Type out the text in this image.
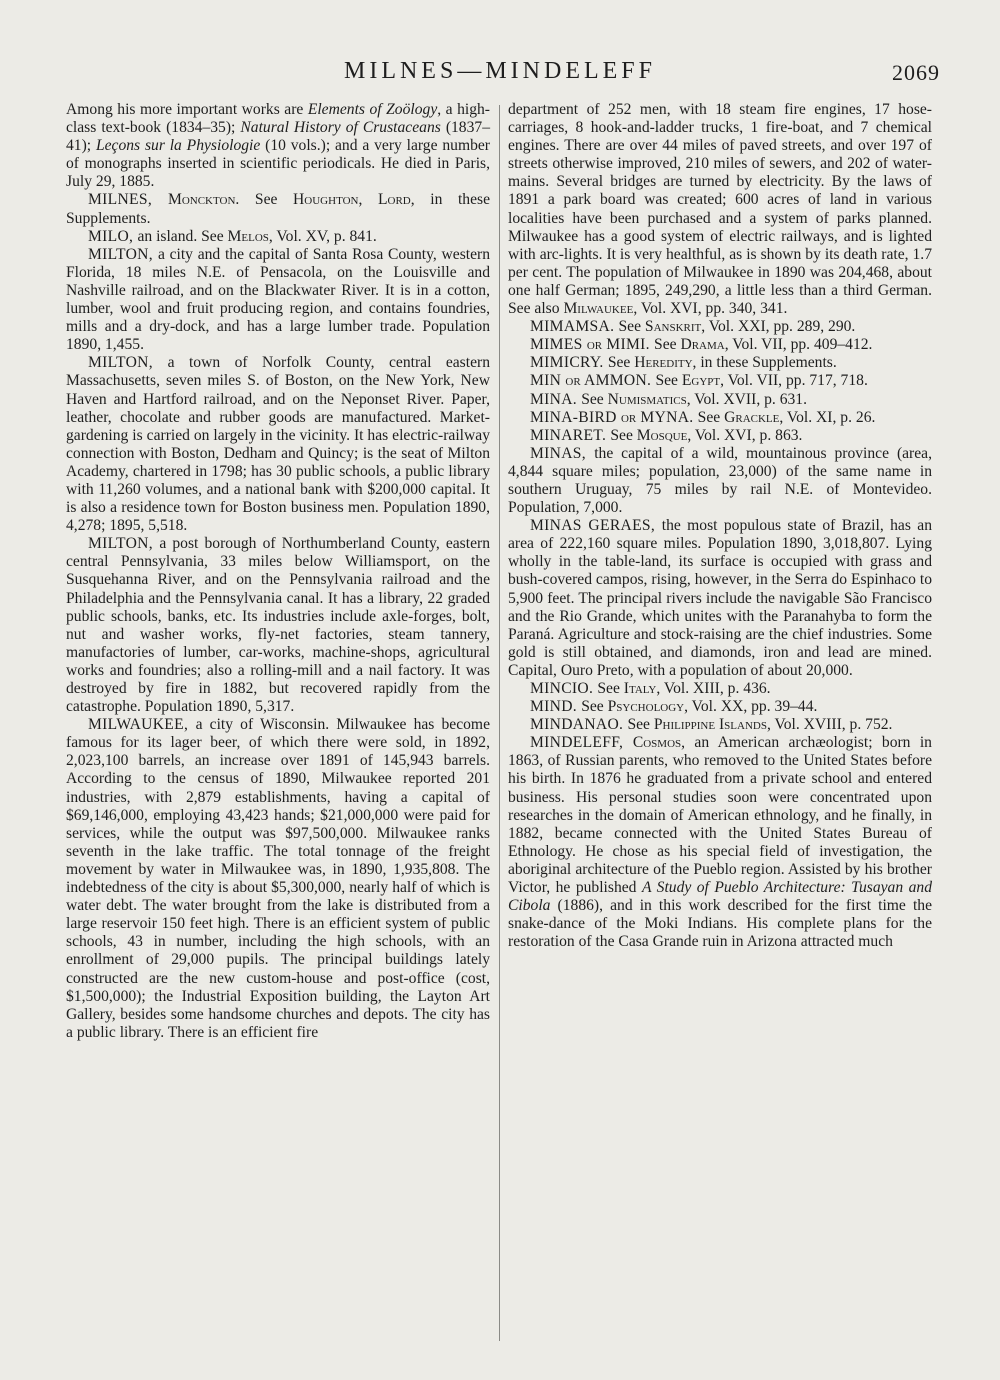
MILNES—MINDELEFF	2069

Among his more important works are Elements of Zoölogy, a high-class text-book (1834–35); Natural History of Crustaceans (1837–41); Leçons sur la Physiologie (10 vols.); and a very large number of monographs inserted in scientific periodicals. He died in Paris, July 29, 1885.

MILNES, Monckton. See Houghton, Lord, in these Supplements.

MILO, an island. See Melos, Vol. XV, p. 841.

MILTON, a city and the capital of Santa Rosa County, western Florida, 18 miles N.E. of Pensacola, on the Louisville and Nashville railroad, and on the Blackwater River. It is in a cotton, lumber, wool and fruit producing region, and contains foundries, mills and a dry-dock, and has a large lumber trade. Population 1890, 1,455.

MILTON, a town of Norfolk County, central eastern Massachusetts, seven miles S. of Boston, on the New York, New Haven and Hartford railroad, and on the Neponset River. Paper, leather, chocolate and rubber goods are manufactured. Market-gardening is carried on largely in the vicinity. It has electric-railway connection with Boston, Dedham and Quincy; is the seat of Milton Academy, chartered in 1798; has 30 public schools, a public library with 11,260 volumes, and a national bank with $200,000 capital. It is also a residence town for Boston business men. Population 1890, 4,278; 1895, 5,518.

MILTON, a post borough of Northumberland County, eastern central Pennsylvania, 33 miles below Williamsport, on the Susquehanna River, and on the Pennsylvania railroad and the Philadelphia and the Pennsylvania canal. It has a library, 22 graded public schools, banks, etc. Its industries include axle-forges, bolt, nut and washer works, fly-net factories, steam tannery, manufactories of lumber, car-works, machine-shops, agricultural works and foundries; also a rolling-mill and a nail factory. It was destroyed by fire in 1882, but recovered rapidly from the catastrophe. Population 1890, 5,317.

MILWAUKEE, a city of Wisconsin. Milwaukee has become famous for its lager beer, of which there were sold, in 1892, 2,023,100 barrels, an increase over 1891 of 145,943 barrels. According to the census of 1890, Milwaukee reported 201 industries, with 2,879 establishments, having a capital of $69,146,000, employing 43,423 hands; $21,000,000 were paid for services, while the output was $97,500,000. Milwaukee ranks seventh in the lake traffic. The total tonnage of the freight movement by water in Milwaukee was, in 1890, 1,935,808. The indebtedness of the city is about $5,300,000, nearly half of which is water debt. The water brought from the lake is distributed from a large reservoir 150 feet high. There is an efficient system of public schools, 43 in number, including the high schools, with an enrollment of 29,000 pupils. The principal buildings lately constructed are the new custom-house and post-office (cost, $1,500,000); the Industrial Exposition building, the Layton Art Gallery, besides some handsome churches and depots. The city has a public library. There is an efficient fire

department of 252 men, with 18 steam fire engines, 17 hose-carriages, 8 hook-and-ladder trucks, 1 fire-boat, and 7 chemical engines. There are over 44 miles of paved streets, and over 197 of streets otherwise improved, 210 miles of sewers, and 202 of water-mains. Several bridges are turned by electricity. By the laws of 1891 a park board was created; 600 acres of land in various localities have been purchased and a system of parks planned. Milwaukee has a good system of electric railways, and is lighted with arc-lights. It is very healthful, as is shown by its death rate, 1.7 per cent. The population of Milwaukee in 1890 was 204,468, about one half German; 1895, 249,290, a little less than a third German. See also Milwaukee, Vol. XVI, pp. 340, 341.

MIMAMSA. See Sanskrit, Vol. XXI, pp. 289, 290.

MIMES or MIMI. See Drama, Vol. VII, pp. 409–412.

MIMICRY. See Heredity, in these Supplements.

MIN or AMMON. See Egypt, Vol. VII, pp. 717, 718.

MINA. See Numismatics, Vol. XVII, p. 631.

MINA-BIRD or MYNA. See Grackle, Vol. XI, p. 26.

MINARET. See Mosque, Vol. XVI, p. 863.

MINAS, the capital of a wild, mountainous province (area, 4,844 square miles; population, 23,000) of the same name in southern Uruguay, 75 miles by rail N.E. of Montevideo. Population, 7,000.

MINAS GERAES, the most populous state of Brazil, has an area of 222,160 square miles. Population 1890, 3,018,807. Lying wholly in the table-land, its surface is occupied with grass and bush-covered campos, rising, however, in the Serra do Espinhaco to 5,900 feet. The principal rivers include the navigable São Francisco and the Rio Grande, which unites with the Paranahyba to form the Paraná. Agriculture and stock-raising are the chief industries. Some gold is still obtained, and diamonds, iron and lead are mined. Capital, Ouro Preto, with a population of about 20,000.

MINCIO. See Italy, Vol. XIII, p. 436.

MIND. See Psychology, Vol. XX, pp. 39–44.

MINDANAO. See Philippine Islands, Vol. XVIII, p. 752.

MINDELEFF, Cosmos, an American archæologist; born in 1863, of Russian parents, who removed to the United States before his birth. In 1876 he graduated from a private school and entered business. His personal studies soon were concentrated upon researches in the domain of American ethnology, and he finally, in 1882, became connected with the United States Bureau of Ethnology. He chose as his special field of investigation, the aboriginal architecture of the Pueblo region. Assisted by his brother Victor, he published A Study of Pueblo Architecture: Tusayan and Cibola (1886), and in this work described for the first time the snake-dance of the Moki Indians. His complete plans for the restoration of the Casa Grande ruin in Arizona attracted much
